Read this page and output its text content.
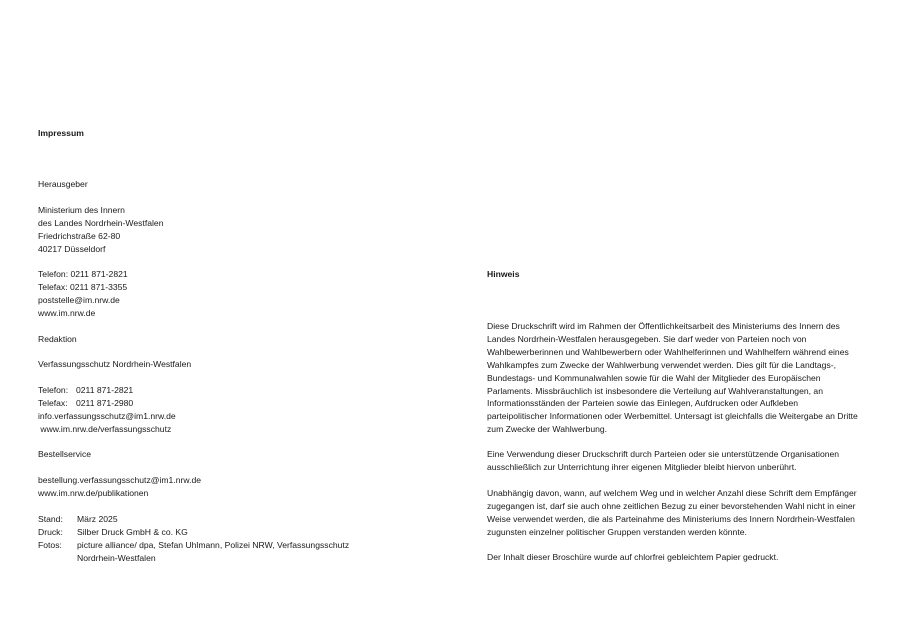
Impressum
Herausgeber
Ministerium des Innern
des Landes Nordrhein-Westfalen
Friedrichstraße 62-80
40217 Düsseldorf
Telefon: 0211 871-2821
Telefax: 0211 871-3355
poststelle@im.nrw.de
www.im.nrw.de
Redaktion
Verfassungsschutz Nordrhein-Westfalen
Telefon: 0211 871-2821
Telefax: 0211 871-2980
info.verfassungsschutz@im1.nrw.de
www.im.nrw.de/verfassungsschutz
Bestellservice
bestellung.verfassungsschutz@im1.nrw.de
www.im.nrw.de/publikationen
Stand: März 2025
Druck: Silber Druck GmbH & co. KG
Fotos: picture alliance/ dpa, Stefan Uhlmann, Polizei NRW, Verfassungsschutz
Nordrhein-Westfalen
Hinweis

Diese Druckschrift wird im Rahmen der Öffentlichkeitsarbeit des Ministeriums des Innern des Landes Nordrhein-Westfalen herausgegeben. Sie darf weder von Parteien noch von Wahlbewerberinnen und Wahlbewerbern oder Wahlhelferinnen und Wahlhelfern während eines Wahlkampfes zum Zwecke der Wahlwerbung verwendet werden. Dies gilt für die Landtags-, Bundestags- und Kommunalwahlen sowie für die Wahl der Mitglieder des Europäischen Parlaments. Missbräuchlich ist insbesondere die Verteilung auf Wahlveranstaltungen, an Informationsständen der Parteien sowie das Einlegen, Aufdrucken oder Aufkleben parteipolitischer Informationen oder Werbemittel. Untersagt ist gleichfalls die Weitergabe an Dritte zum Zwecke der Wahlwerbung.

Eine Verwendung dieser Druckschrift durch Parteien oder sie unterstützende Organisationen ausschließlich zur Unterrichtung ihrer eigenen Mitglieder bleibt hiervon unberührt.

Unabhängig davon, wann, auf welchem Weg und in welcher Anzahl diese Schrift dem Empfänger zugegangen ist, darf sie auch ohne zeitlichen Bezug zu einer bevorstehenden Wahl nicht in einer Weise verwendet werden, die als Parteinahme des Ministeriums des Innern Nordrhein-Westfalen zugunsten einzelner politischer Gruppen verstanden werden könnte.

Der Inhalt dieser Broschüre wurde auf chlorfrei gebleichtem Papier gedruckt.
